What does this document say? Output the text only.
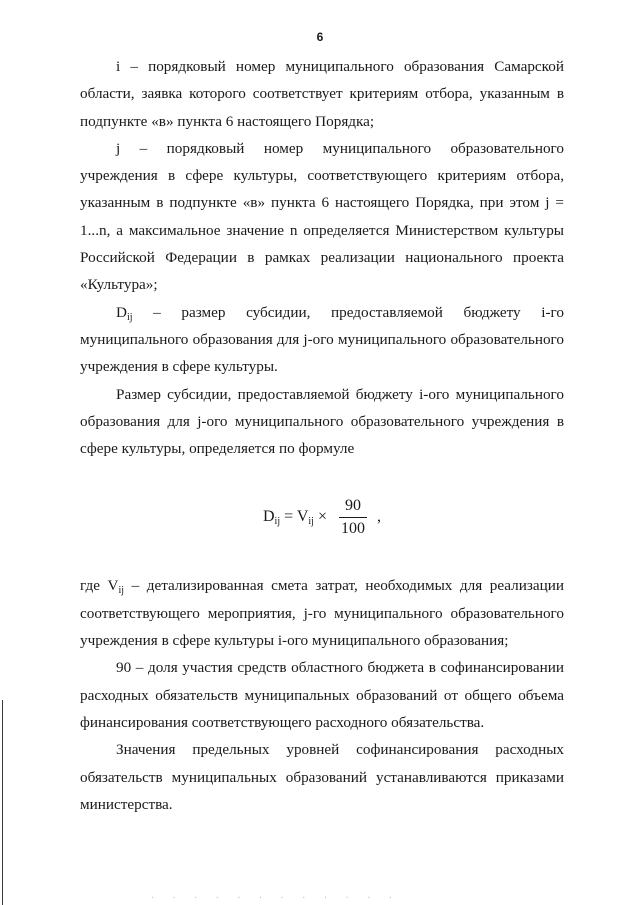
6

i – порядковый номер муниципального образования Самарской области, заявка которого соответствует критериям отбора, указанным в подпункте «в» пункта 6 настоящего Порядка;

j – порядковый номер муниципального образовательного учреждения в сфере культуры, соответствующего критериям отбора, указанным в подпункте «в» пункта 6 настоящего Порядка, при этом j = 1...n, а максимальное значение n определяется Министерством культуры Российской Федерации в рамках реализации национального проекта «Культура»;

$D_{ij}$ – размер субсидии, предоставляемой бюджету i-го муниципального образования для j-ого муниципального образовательного учреждения в сфере культуры.

Размер субсидии, предоставляемой бюджету i-ого муниципального образования для j-ого муниципального образовательного учреждения в сфере культуры, определяется по формуле

$D_{ij} = V_{ij} \times \frac{90}{100}$ ,

где $V_{ij}$ – детализированная смета затрат, необходимых для реализации соответствующего мероприятия, j-го муниципального образовательного учреждения в сфере культуры i-ого муниципального образования;

90 – доля участия средств областного бюджета в софинансировании расходных обязательств муниципальных образований от общего объема финансирования соответствующего расходного обязательства.

Значения предельных уровней софинансирования расходных обязательств муниципальных образований устанавливаются приказами министерства.

· · · · · · · · · · · ·
